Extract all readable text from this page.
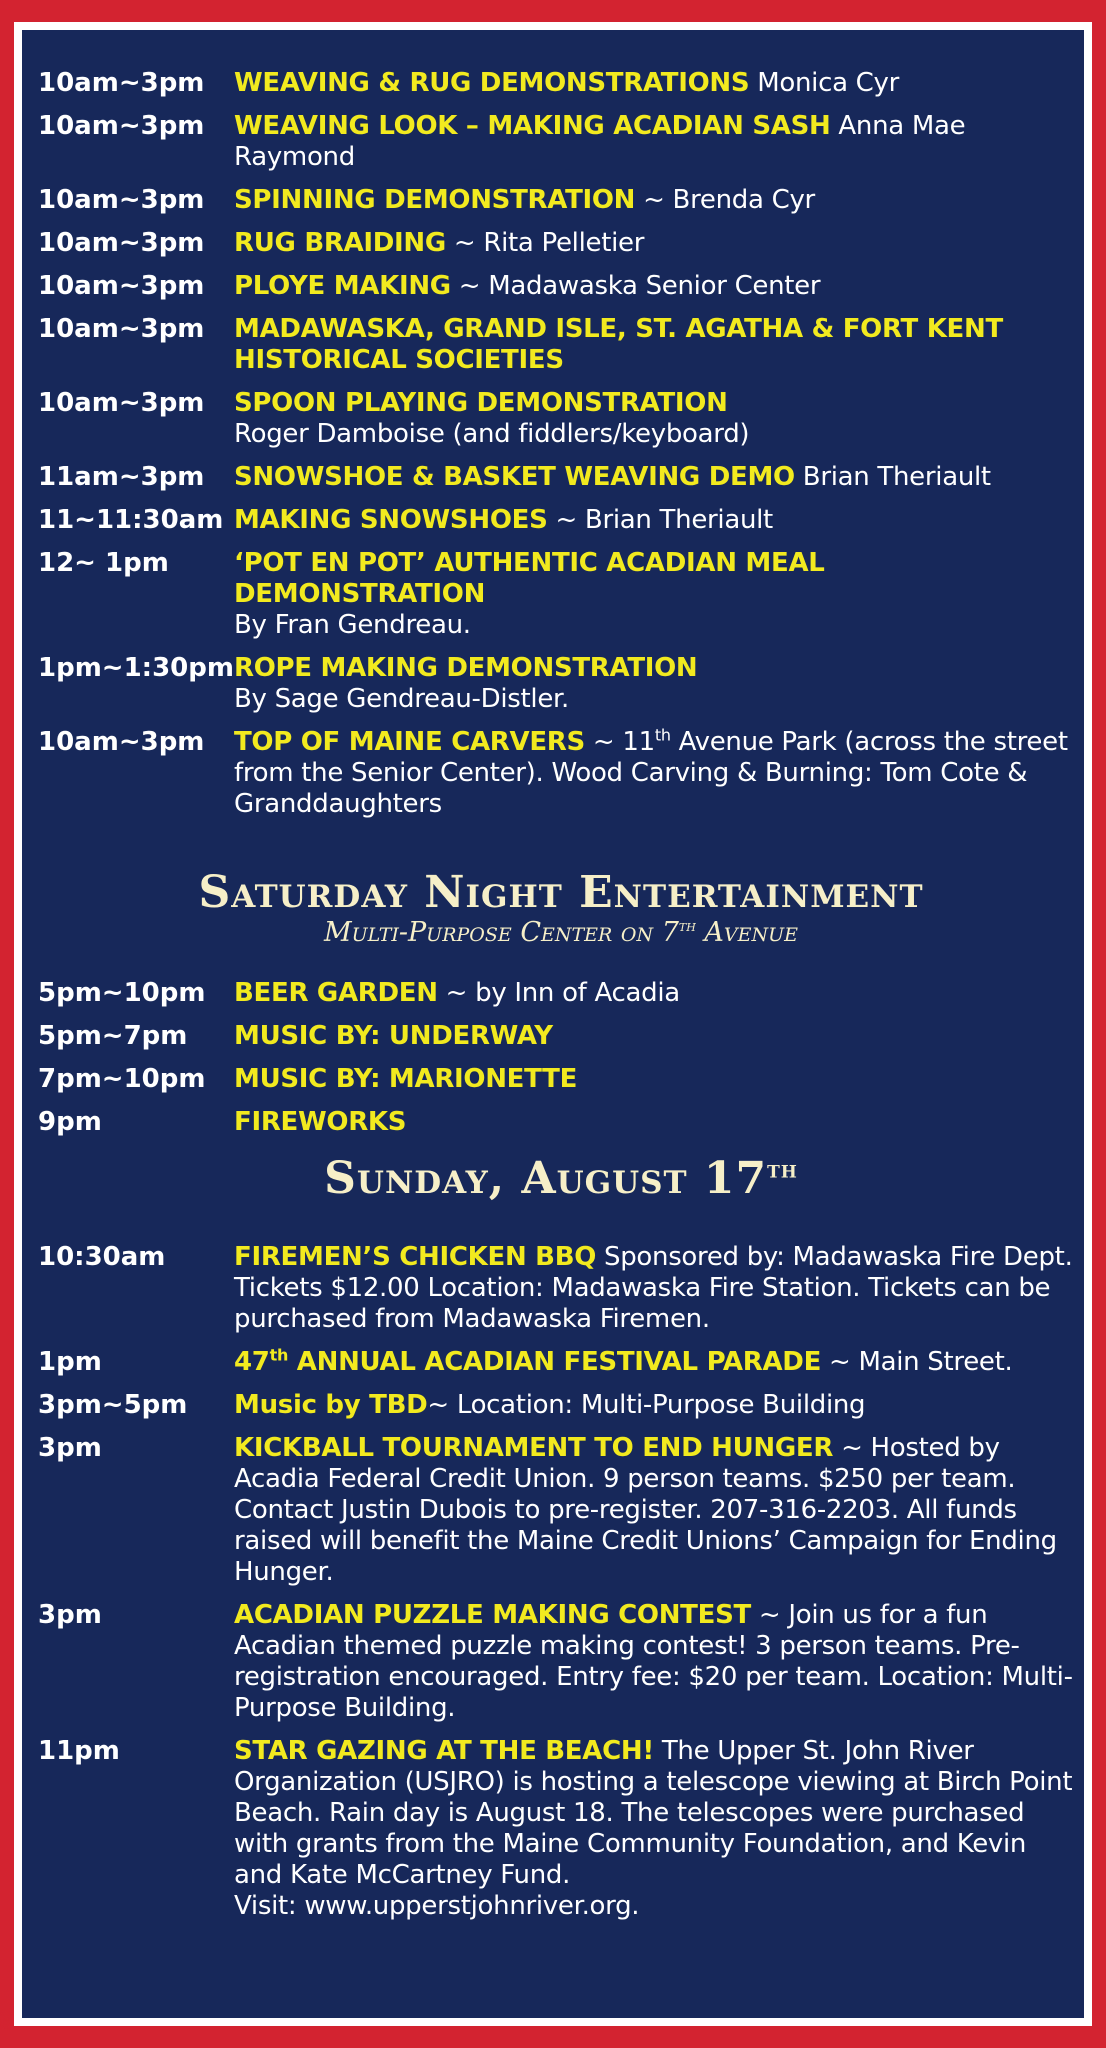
10am~3pm	WEAVING & RUG DEMONSTRATIONS Monica Cyr
10am~3pm	WEAVING LOOK – MAKING ACADIAN SASH Anna Mae Raymond
10am~3pm	SPINNING DEMONSTRATION ~ Brenda Cyr
10am~3pm	RUG BRAIDING ~ Rita Pelletier
10am~3pm	PLOYE MAKING ~ Madawaska Senior Center
10am~3pm	MADAWASKA, GRAND ISLE, ST. AGATHA & FORT KENT HISTORICAL SOCIETIES
10am~3pm	SPOON PLAYING DEMONSTRATION
Roger Damboise (and fiddlers/keyboard)
11am~3pm	SNOWSHOE & BASKET WEAVING DEMO Brian Theriault
11~11:30am MAKING SNOWSHOES ~ Brian Theriault
12~ 1pm	‘POT EN POT’ AUTHENTIC ACADIAN MEAL DEMONSTRATION
By Fran Gendreau.
1pm~1:30pm ROPE MAKING DEMONSTRATION
By Sage Gendreau-Distler.
10am~3pm	TOP OF MAINE CARVERS ~ 11th Avenue Park (across the street from the Senior Center). Wood Carving & Burning: Tom Cote & Granddaughters
Saturday Night Entertainment
Multi-Purpose Center on 7th Avenue
5pm~10pm	BEER GARDEN ~ by Inn of Acadia
5pm~7pm	MUSIC BY: UNDERWAY
7pm~10pm	MUSIC BY: MARIONETTE
9pm	FIREWORKS
Sunday, August 17th
10:30am	FIREMEN’S CHICKEN BBQ Sponsored by: Madawaska Fire Dept. Tickets $12.00 Location: Madawaska Fire Station. Tickets can be purchased from Madawaska Firemen.
1pm	47th ANNUAL ACADIAN FESTIVAL PARADE ~ Main Street.
3pm~5pm	Music by TBD~ Location: Multi-Purpose Building
3pm	KICKBALL TOURNAMENT TO END HUNGER ~ Hosted by Acadia Federal Credit Union. 9 person teams. $250 per team. Contact Justin Dubois to pre-register. 207-316-2203. All funds raised will benefit the Maine Credit Unions’ Campaign for Ending Hunger.
3pm	ACADIAN PUZZLE MAKING CONTEST ~ Join us for a fun Acadian themed puzzle making contest! 3 person teams. Pre-registration encouraged. Entry fee: $20 per team. Location: Multi-Purpose Building.
11pm	STAR GAZING AT THE BEACH! The Upper St. John River Organization (USJRO) is hosting a telescope viewing at Birch Point Beach. Rain day is August 18. The telescopes were purchased with grants from the Maine Community Foundation, and Kevin and Kate McCartney Fund.
Visit: www.upperstjohnriver.org.
